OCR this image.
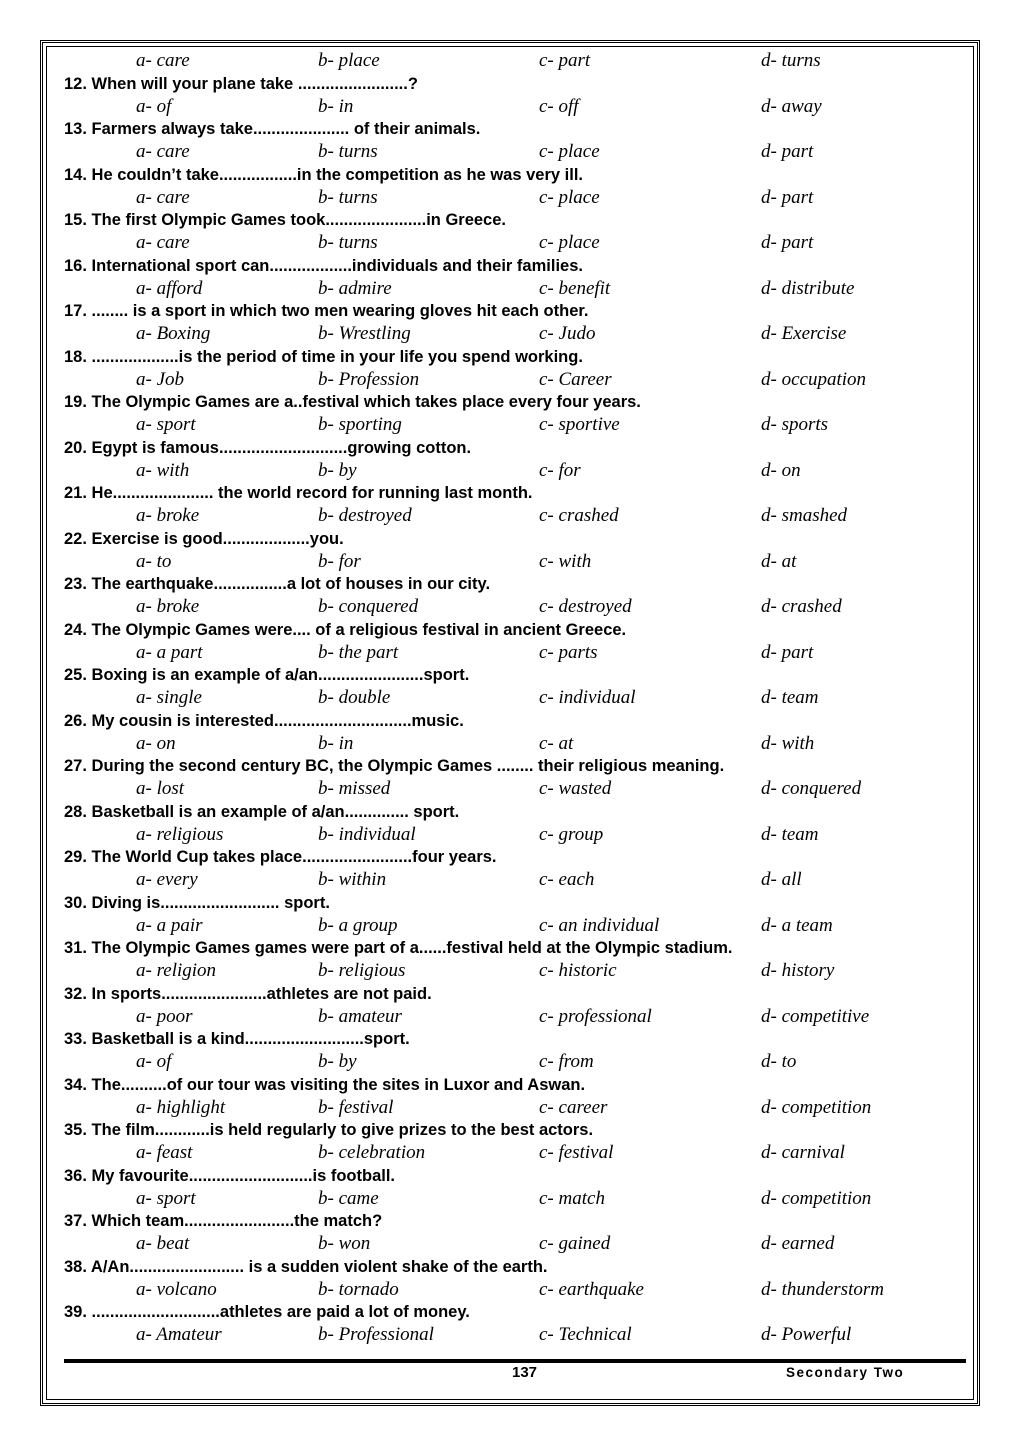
a- care	b- place	c- part	d- turns
12. When will your plane take ........................?
a- of	b- in	c- off	d- away
13. Farmers always take..................... of their animals.
a- care	b- turns	c- place	d- part
14. He couldn’t take.................in the competition as he was very ill.
a- care	b- turns	c- place	d- part
15. The first Olympic Games took......................in Greece.
a- care	b- turns	c- place	d- part
16. International sport can..................individuals and their families.
a- afford	b- admire	c- benefit	d- distribute
17. ........ is a sport in which two men wearing gloves hit each other.
a- Boxing	b- Wrestling	c- Judo	d- Exercise
18. ...................is the period of time in your life you spend working.
a- Job	b- Profession	c- Career	d- occupation
19. The Olympic Games are a..festival which takes place every four years.
a- sport	b- sporting	c- sportive	d- sports
20. Egypt is famous............................growing cotton.
a- with	b- by	c- for	d- on
21. He...................... the world record for running last month.
a- broke	b- destroyed	c- crashed	d- smashed
22. Exercise is good...................you.
a- to	b- for	c- with	d- at
23. The earthquake................a lot of houses in our city.
a- broke	b- conquered	c- destroyed	d- crashed
24. The Olympic Games were.... of a religious festival in ancient Greece.
a- a part	b- the part	c- parts	d- part
25. Boxing is an example of a/an.......................sport.
a- single	b- double	c- individual	d- team
26. My cousin is interested..............................music.
a- on	b- in	c- at	d- with
27. During the second century BC, the Olympic Games ........ their religious meaning.
a- lost	b- missed	c- wasted	d- conquered
28. Basketball is an example of a/an.............. sport.
a- religious	b- individual	c- group	d- team
29. The World Cup takes place........................four years.
a- every	b- within	c- each	d- all
30. Diving is.......................... sport.
a- a pair	b- a group	c- an individual	d- a team
31. The Olympic Games games were part of a......festival held at the Olympic stadium.
a- religion	b- religious	c- historic	d- history
32. In sports.......................athletes are not paid.
a- poor	b- amateur	c- professional	d- competitive
33. Basketball is a kind..........................sport.
a- of	b- by	c- from	d- to
34. The..........of our tour was visiting the sites in Luxor and Aswan.
a- highlight	b- festival	c- career	d- competition
35. The film............is held regularly to give prizes to the best actors.
a- feast	b- celebration	c- festival	d- carnival
36. My favourite...........................is football.
a- sport	b- came	c- match	d- competition
37. Which team........................the match?
a- beat	b- won	c- gained	d- earned
38. A/An......................... is a sudden violent shake of the earth.
a- volcano	b- tornado	c- earthquake	d- thunderstorm
39. ............................athletes are paid a lot of money.
a- Amateur	b- Professional	c- Technical	d- Powerful
137	Secondary Two
